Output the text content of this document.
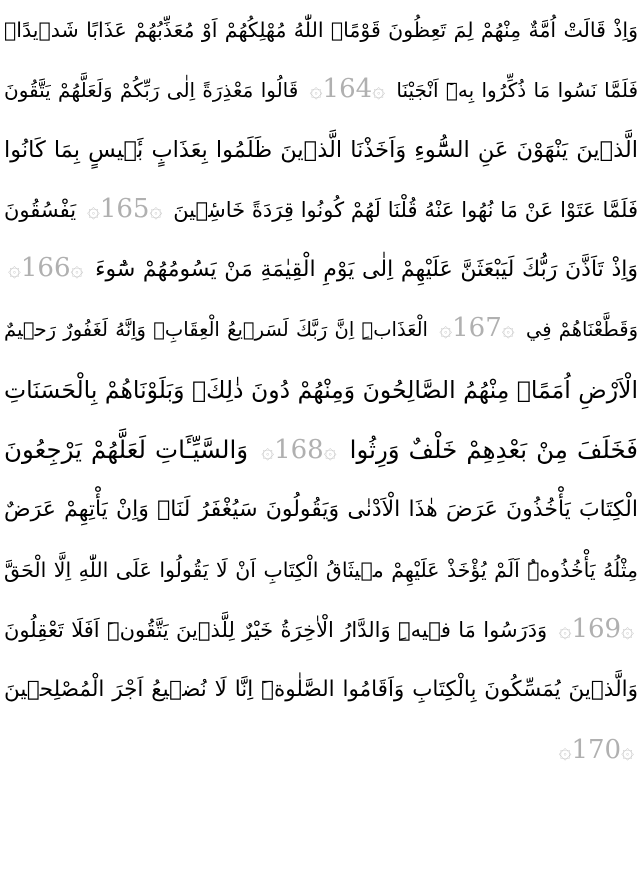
وَاِذْ قَالَتْ اُمَّةٌ مِنْهُمْ لِمَ تَعِظُونَ قَوْمًاۙ اللّٰهُ مُهْلِكُهُمْ اَوْ مُعَذِّبُهُمْ عَذَابًا شَد۪يدًاۜ
فَلَمَّا نَسُوا مَا ذُكِّرُوا بِه۪ٓ اَنْجَيْنَا ۞164۞ قَالُوا مَعْذِرَةً اِلٰى رَبِّكُمْ وَلَعَلَّهُمْ يَتَّقُونَ
الَّذ۪ينَ يَنْهَوْنَ عَنِ السُّٓوءِ وَاَخَذْنَا الَّذ۪ينَ ظَلَمُوا بِعَذَابٍ بَ۪ٔيسٍ بِمَا كَانُوا
فَلَمَّا عَتَوْا عَنْ مَا نُهُوا عَنْهُ قُلْنَا لَهُمْ كُونُوا قِرَدَةً خَاسِ۪ٔينَ ۞165۞ يَفْسُقُونَ
وَاِذْ تَاَذَّنَ رَبُّكَ لَيَبْعَثَنَّ عَلَيْهِمْ اِلٰى يَوْمِ الْقِيٰمَةِ مَنْ يَسُومُهُمْ سُٓوءَ ۞166۞
وَقَطَّعْنَاهُمْ فِي ۞167۞ الْعَذَابِۜ اِنَّ رَبَّكَ لَسَر۪يعُ الْعِقَابِۚ وَاِنَّهُ لَغَفُورٌ رَح۪يمٌ
الْاَرْضِ اُمَمًاۚ مِنْهُمُ الصَّالِحُونَ وَمِنْهُمْ دُونَ ذٰلِكَۘ وَبَلَوْنَاهُمْ بِالْحَسَنَاتِ
فَخَلَفَ مِنْ بَعْدِهِمْ خَلْفٌ وَرِثُوا ۞168۞ وَالسَّيِّـَٔاتِ لَعَلَّهُمْ يَرْجِعُونَ
الْكِتَابَ يَأْخُذُونَ عَرَضَ هٰذَا الْاَدْنٰى وَيَقُولُونَ سَيُغْفَرُ لَنَاۚ وَاِنْ يَأْتِهِمْ عَرَضٌ
مِثْلُهُ يَأْخُذُوهُۜ اَلَمْ يُؤْخَذْ عَلَيْهِمْ م۪يثَاقُ الْكِتَابِ اَنْ لَا يَقُولُوا عَلَى اللّٰهِ اِلَّا الْحَقَّ
۞169۞ وَدَرَسُوا مَا ف۪يهِۜ وَالدَّارُ الْاٰخِرَةُ خَيْرٌ لِلَّذ۪ينَ يَتَّقُونَۜ اَفَلَا تَعْقِلُونَ
وَالَّذ۪ينَ يُمَسِّكُونَ بِالْكِتَابِ وَاَقَامُوا الصَّلٰوةَۜ اِنَّا لَا نُض۪يعُ اَجْرَ الْمُصْلِح۪ينَ
۞170۞
